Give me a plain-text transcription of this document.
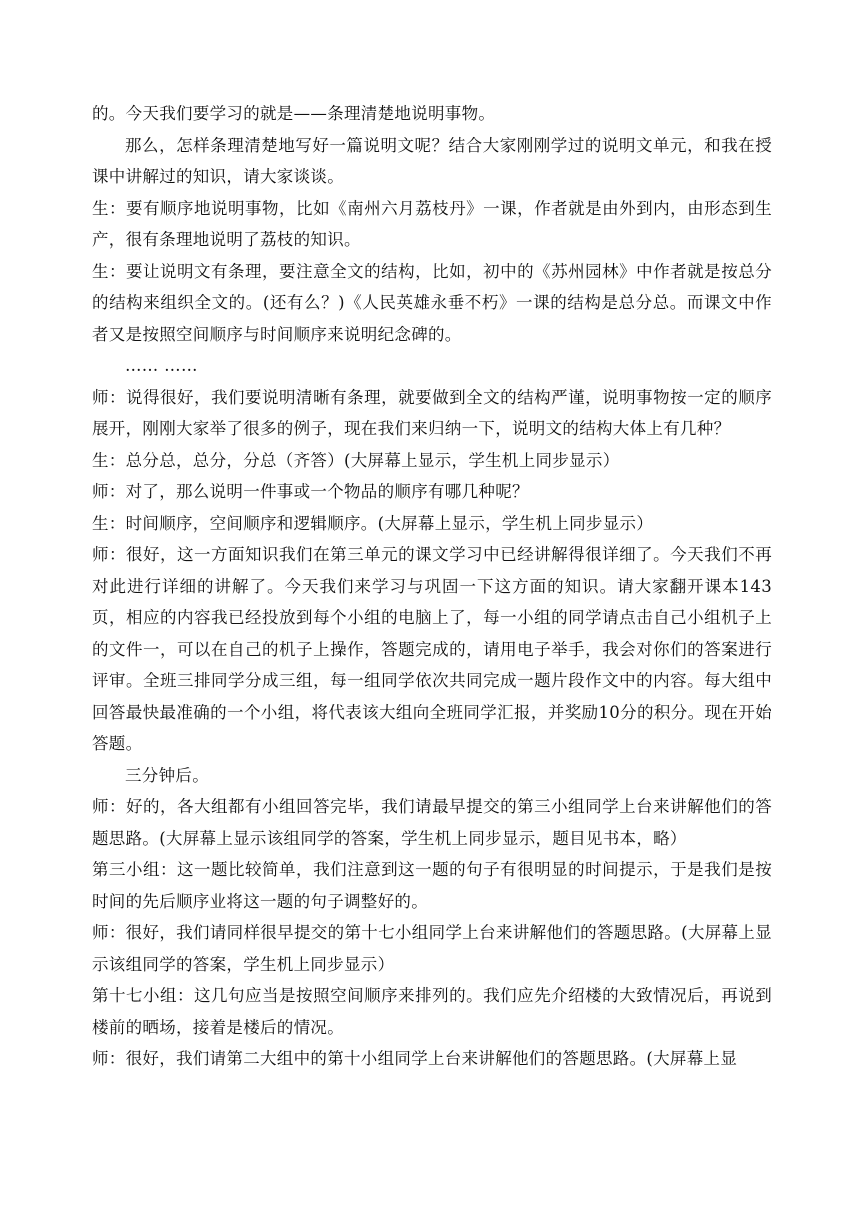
的。今天我们要学习的就是——条理清楚地说明事物。

那么，怎样条理清楚地写好一篇说明文呢？结合大家刚刚学过的说明文单元，和我在授课中讲解过的知识，请大家谈谈。

生：要有顺序地说明事物，比如《南州六月荔枝丹》一课，作者就是由外到内，由形态到生产，很有条理地说明了荔枝的知识。

生：要让说明文有条理，要注意全文的结构，比如，初中的《苏州园林》中作者就是按总分的结构来组织全文的。(还有么？)《人民英雄永垂不朽》一课的结构是总分总。而课文中作者又是按照空间顺序与时间顺序来说明纪念碑的。

…… ……

师：说得很好，我们要说明清晰有条理，就要做到全文的结构严谨，说明事物按一定的顺序展开，刚刚大家举了很多的例子，现在我们来归纳一下，说明文的结构大体上有几种？

生：总分总，总分，分总（齐答）(大屏幕上显示，学生机上同步显示）

师：对了，那么说明一件事或一个物品的顺序有哪几种呢？

生：时间顺序，空间顺序和逻辑顺序。(大屏幕上显示，学生机上同步显示）

师：很好，这一方面知识我们在第三单元的课文学习中已经讲解得很详细了。今天我们不再对此进行详细的讲解了。今天我们来学习与巩固一下这方面的知识。请大家翻开课本143页，相应的内容我已经投放到每个小组的电脑上了，每一小组的同学请点击自己小组机子上的文件一，可以在自己的机子上操作，答题完成的，请用电子举手，我会对你们的答案进行评审。全班三排同学分成三组，每一组同学依次共同完成一题片段作文中的内容。每大组中回答最快最准确的一个小组，将代表该大组向全班同学汇报，并奖励10分的积分。现在开始答题。

三分钟后。

师：好的，各大组都有小组回答完毕，我们请最早提交的第三小组同学上台来讲解他们的答题思路。(大屏幕上显示该组同学的答案，学生机上同步显示，题目见书本，略）

第三小组：这一题比较简单，我们注意到这一题的句子有很明显的时间提示，于是我们是按时间的先后顺序业将这一题的句子调整好的。

师：很好，我们请同样很早提交的第十七小组同学上台来讲解他们的答题思路。(大屏幕上显示该组同学的答案，学生机上同步显示）

第十七小组：这几句应当是按照空间顺序来排列的。我们应先介绍楼的大致情况后，再说到楼前的晒场，接着是楼后的情况。

师：很好，我们请第二大组中的第十小组同学上台来讲解他们的答题思路。(大屏幕上显
